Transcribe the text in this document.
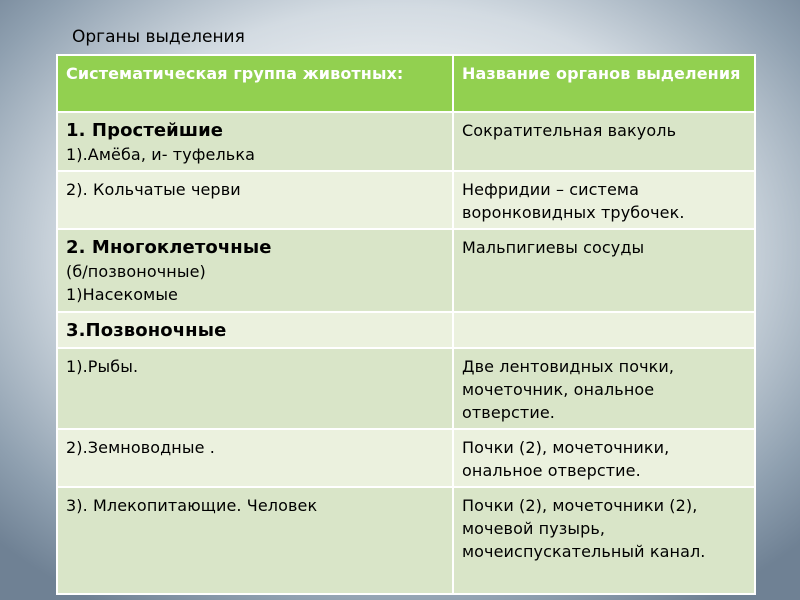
Органы выделения
Систематическая группа животных:	Название органов выделения

1. Простейшие
1).Амёба, и- туфелька	Сократительная вакуоль

2). Кольчатые черви	Нефридии – система воронковидных трубочек.

2. Многоклеточные
(б/позвоночные)
1)Насекомые	Мальпигиевы сосуды

3.Позвоночные	

1).Рыбы.	Две лентовидных почки, мочеточник, ональное отверстие.

2).Земноводные .	Почки (2), мочеточники, ональное отверстие.

3). Млекопитающие. Человек	Почки (2), мочеточники (2), мочевой пузырь, мочеиспускательный канал.
